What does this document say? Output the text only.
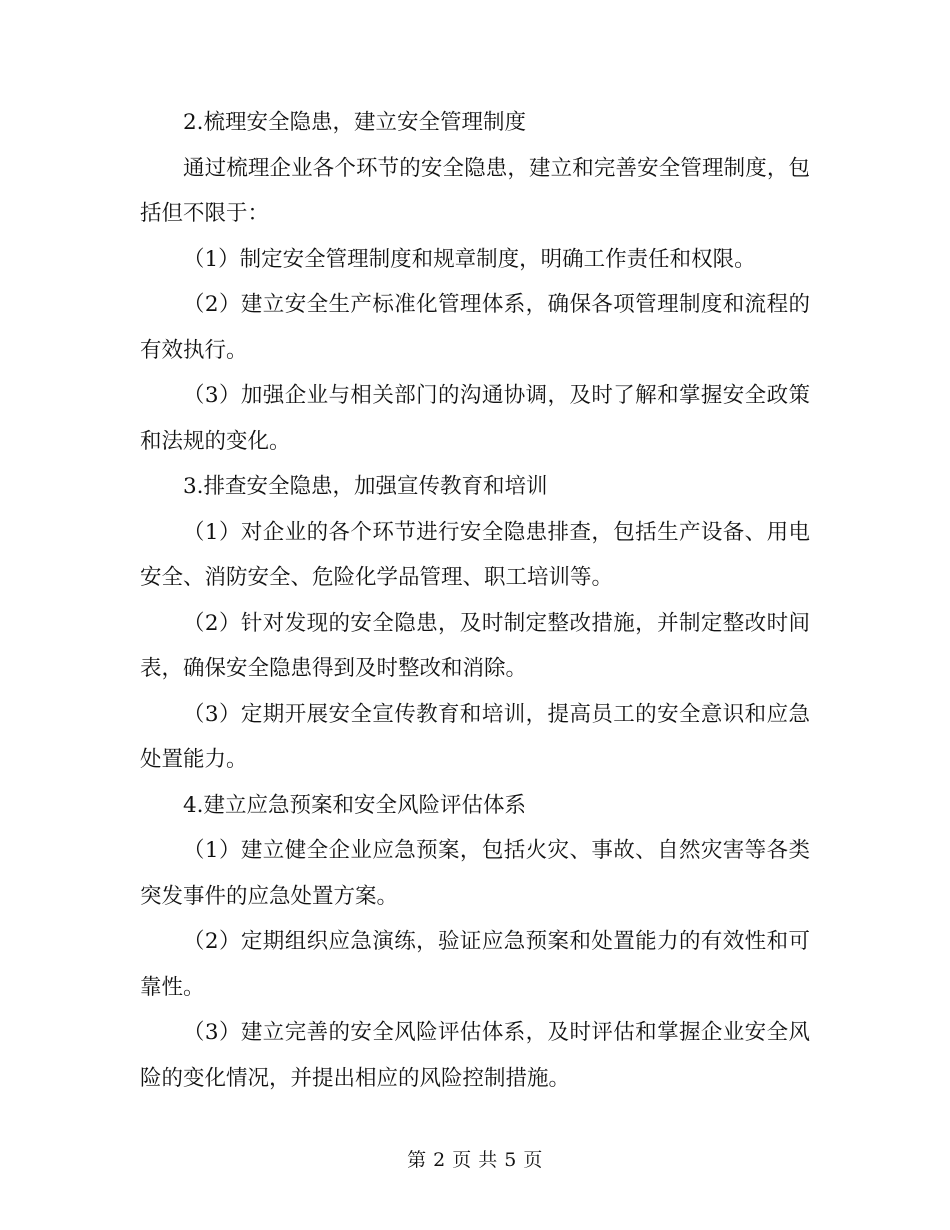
2.梳理安全隐患，建立安全管理制度

通过梳理企业各个环节的安全隐患，建立和完善安全管理制度，包括但不限于：

（1）制定安全管理制度和规章制度，明确工作责任和权限。

（2）建立安全生产标准化管理体系，确保各项管理制度和流程的有效执行。

（3）加强企业与相关部门的沟通协调，及时了解和掌握安全政策和法规的变化。

3.排查安全隐患，加强宣传教育和培训

（1）对企业的各个环节进行安全隐患排查，包括生产设备、用电安全、消防安全、危险化学品管理、职工培训等。

（2）针对发现的安全隐患，及时制定整改措施，并制定整改时间表，确保安全隐患得到及时整改和消除。

（3）定期开展安全宣传教育和培训，提高员工的安全意识和应急处置能力。

4.建立应急预案和安全风险评估体系

（1）建立健全企业应急预案，包括火灾、事故、自然灾害等各类突发事件的应急处置方案。

（2）定期组织应急演练，验证应急预案和处置能力的有效性和可靠性。

（3）建立完善的安全风险评估体系，及时评估和掌握企业安全风险的变化情况，并提出相应的风险控制措施。

第 2 页 共 5 页
